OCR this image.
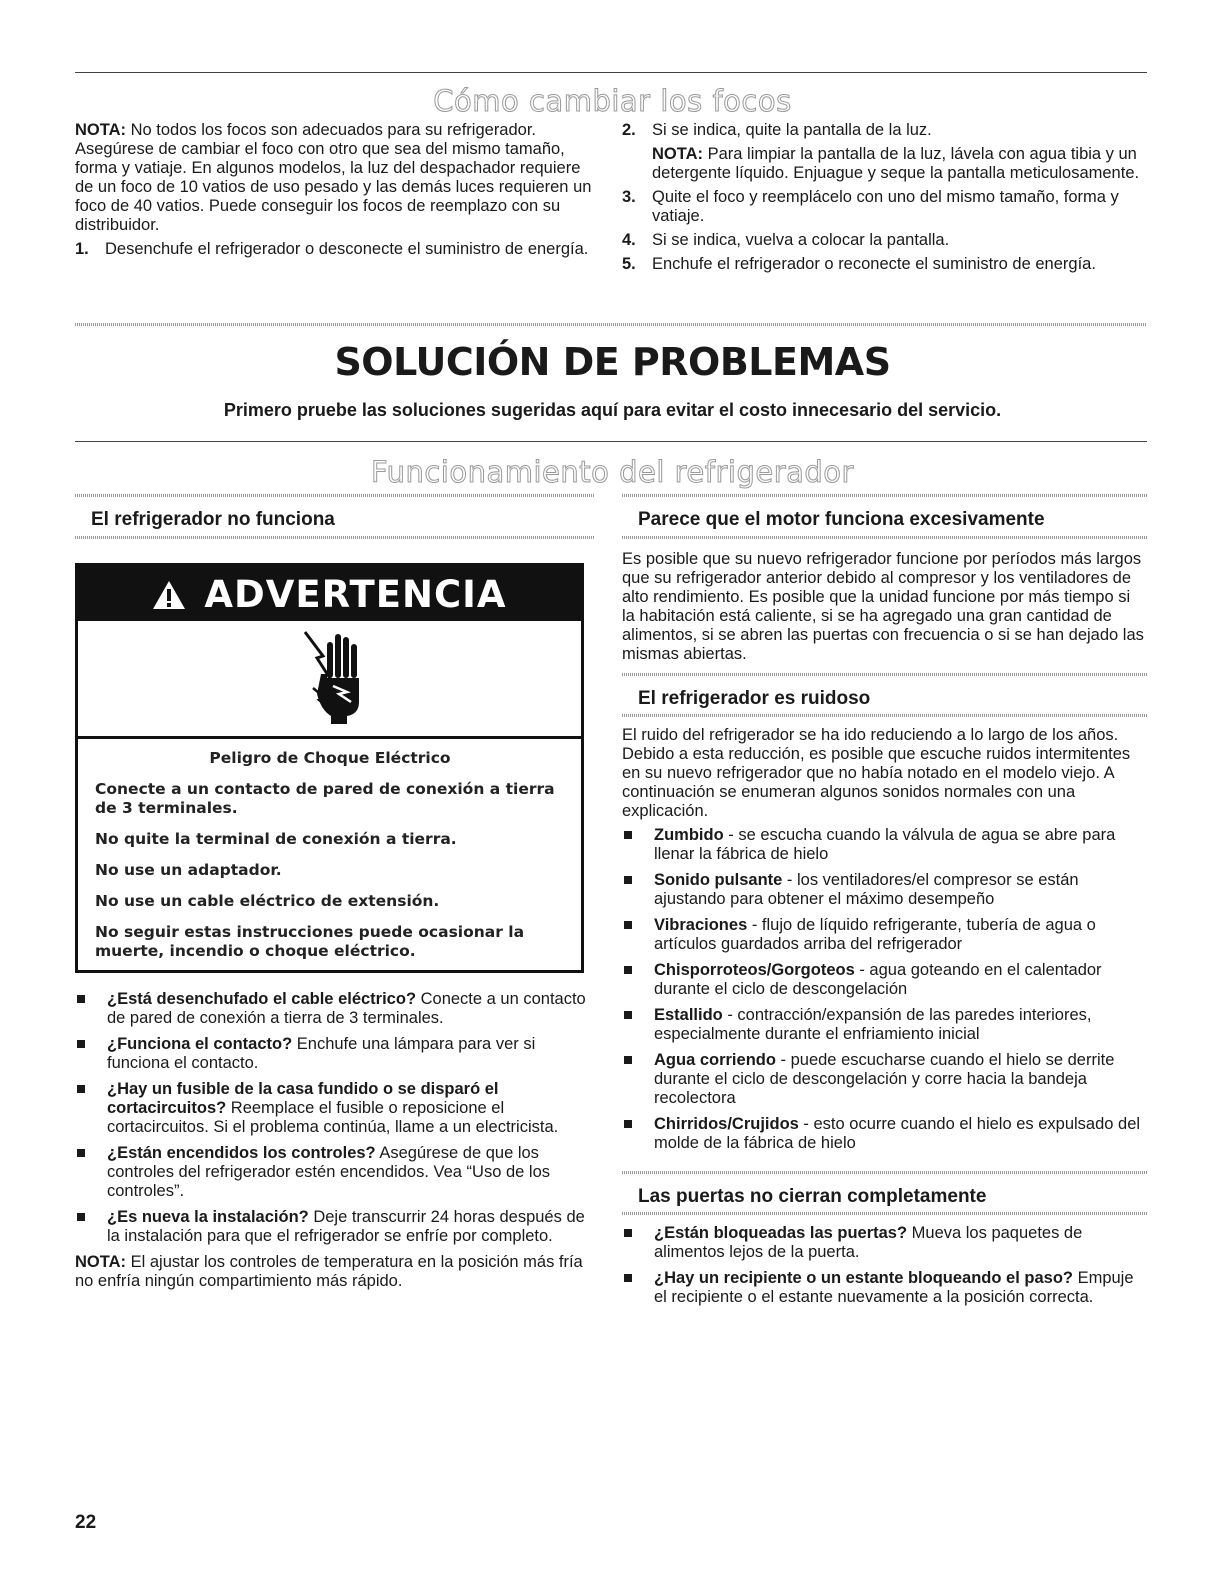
Cómo cambiar los focos

NOTA: No todos los focos son adecuados para su refrigerador. Asegúrese de cambiar el foco con otro que sea del mismo tamaño, forma y vatiaje. En algunos modelos, la luz del despachador requiere de un foco de 10 vatios de uso pesado y las demás luces requieren un foco de 40 vatios. Puede conseguir los focos de reemplazo con su distribuidor.

1. Desenchufe el refrigerador o desconecte el suministro de energía.
2. Si se indica, quite la pantalla de la luz.
NOTA: Para limpiar la pantalla de la luz, lávela con agua tibia y un detergente líquido. Enjuague y seque la pantalla meticulosamente.
3. Quite el foco y reemplácelo con uno del mismo tamaño, forma y vatiaje.
4. Si se indica, vuelva a colocar la pantalla.
5. Enchufe el refrigerador o reconecte el suministro de energía.
SOLUCIÓN DE PROBLEMAS
Primero pruebe las soluciones sugeridas aquí para evitar el costo innecesario del servicio.
Funcionamiento del refrigerador
El refrigerador no funciona
ADVERTENCIA

Peligro de Choque Eléctrico

Conecte a un contacto de pared de conexión a tierra de 3 terminales.

No quite la terminal de conexión a tierra.

No use un adaptador.

No use un cable eléctrico de extensión.

No seguir estas instrucciones puede ocasionar la muerte, incendio o choque eléctrico.

¿Está desenchufado el cable eléctrico? Conecte a un contacto de pared de conexión a tierra de 3 terminales.
¿Funciona el contacto? Enchufe una lámpara para ver si funciona el contacto.
¿Hay un fusible de la casa fundido o se disparó el cortacircuitos? Reemplace el fusible o reposicione el cortacircuitos. Si el problema continúa, llame a un electricista.
¿Están encendidos los controles? Asegúrese de que los controles del refrigerador estén encendidos. Vea “Uso de los controles”.
¿Es nueva la instalación? Deje transcurrir 24 horas después de la instalación para que el refrigerador se enfríe por completo.

NOTA: El ajustar los controles de temperatura en la posición más fría no enfría ningún compartimiento más rápido.

Parece que el motor funciona excesivamente
Es posible que su nuevo refrigerador funcione por períodos más largos que su refrigerador anterior debido al compresor y los ventiladores de alto rendimiento. Es posible que la unidad funcione por más tiempo si la habitación está caliente, si se ha agregado una gran cantidad de alimentos, si se abren las puertas con frecuencia o si se han dejado las mismas abiertas.
El refrigerador es ruidoso

El ruido del refrigerador se ha ido reduciendo a lo largo de los años. Debido a esta reducción, es posible que escuche ruidos intermitentes en su nuevo refrigerador que no había notado en el modelo viejo. A continuación se enumeran algunos sonidos normales con una explicación.

Zumbido - se escucha cuando la válvula de agua se abre para llenar la fábrica de hielo
Sonido pulsante - los ventiladores/el compresor se están ajustando para obtener el máximo desempeño
Vibraciones - flujo de líquido refrigerante, tubería de agua o artículos guardados arriba del refrigerador
Chisporroteos/Gorgoteos - agua goteando en el calentador durante el ciclo de descongelación
Estallido - contracción/expansión de las paredes interiores, especialmente durante el enfriamiento inicial
Agua corriendo - puede escucharse cuando el hielo se derrite durante el ciclo de descongelación y corre hacia la bandeja recolectora
Chirridos/Crujidos - esto ocurre cuando el hielo es expulsado del molde de la fábrica de hielo
Las puertas no cierran completamente
¿Están bloqueadas las puertas? Mueva los paquetes de alimentos lejos de la puerta.
¿Hay un recipiente o un estante bloqueando el paso? Empuje el recipiente o el estante nuevamente a la posición correcta.
22
